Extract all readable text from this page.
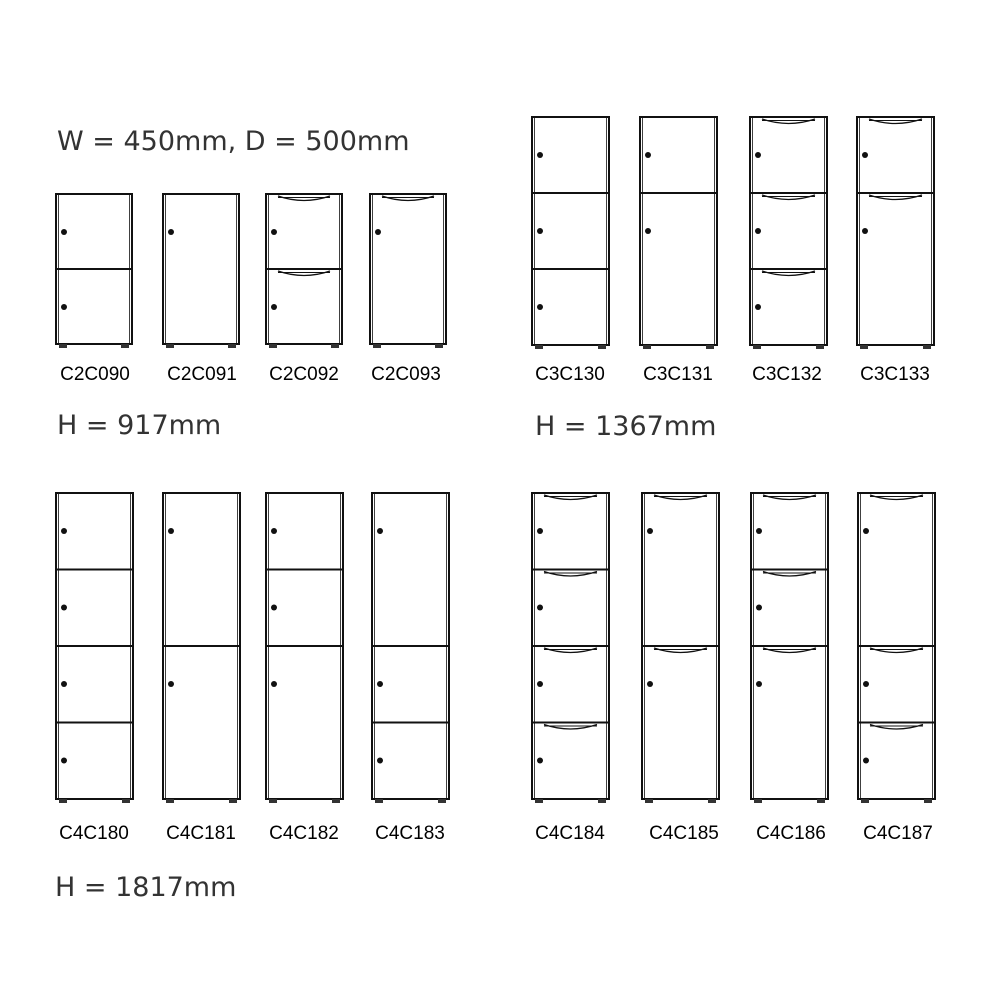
W = 450mm, D = 500mm
H = 917mm	H = 1367mm
H = 1817mm
C2C090	C2C091	C2C092	C2C093	C3C130	C3C131	C3C132	C3C133
C4C180	C4C181	C4C182	C4C183	C4C184	C4C185	C4C186	C4C187
